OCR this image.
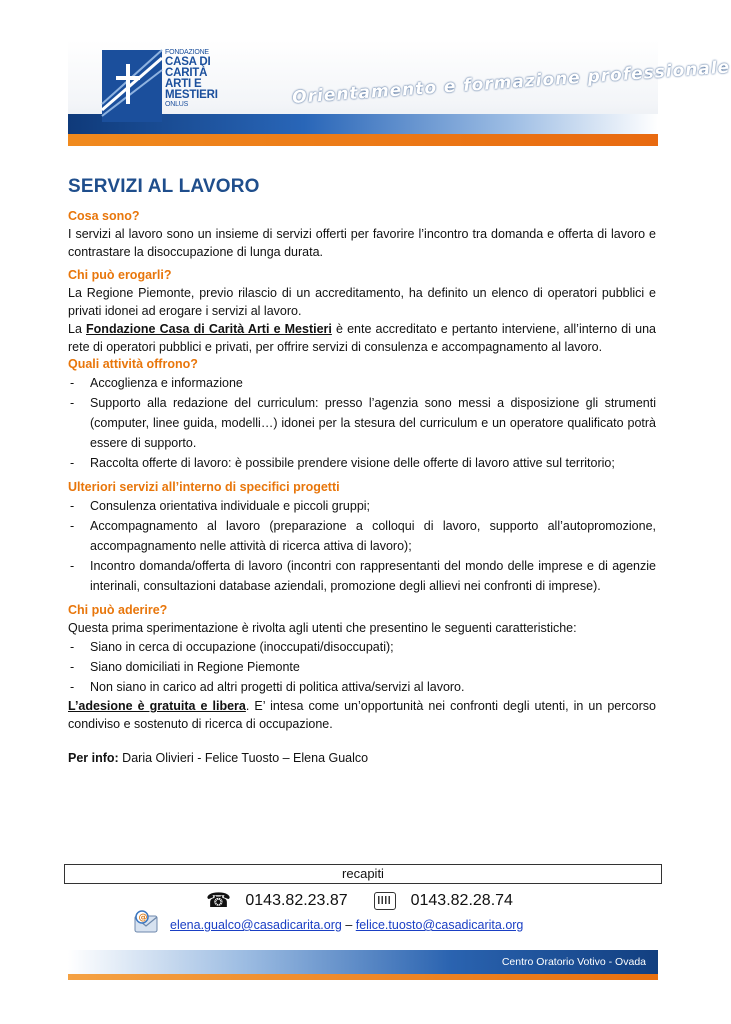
FONDAZIONE
CASA DI
CARITÀ
ARTI E
MESTIERI
ONLUS	Orientamento e formazione professionale
SERVIZI AL LAVORO
Cosa sono?

I servizi al lavoro sono un insieme di servizi offerti per favorire l’incontro tra domanda e offerta di lavoro e contrastare la disoccupazione di lunga durata.

Chi può erogarli?

La Regione Piemonte, previo rilascio di un accreditamento, ha definito un elenco di operatori pubblici e privati idonei ad erogare i servizi al lavoro.

La Fondazione Casa di Carità Arti e Mestieri è ente accreditato e pertanto interviene, all’interno di una rete di operatori pubblici e privati, per offrire servizi di consulenza e accompagnamento al lavoro.

Quali attività offrono?
- Accoglienza e informazione
- Supporto alla redazione del curriculum: presso l’agenzia sono messi a disposizione gli strumenti (computer, linee guida, modelli…) idonei per la stesura del curriculum e un operatore qualificato potrà essere di supporto.
- Raccolta offerte di lavoro: è possibile prendere visione delle offerte di lavoro attive sul territorio;
Ulteriori servizi all’interno di specifici progetti
- Consulenza orientativa individuale e piccoli gruppi;
- Accompagnamento al lavoro (preparazione a colloqui di lavoro, supporto all’autopromozione, accompagnamento nelle attività di ricerca attiva di lavoro);
- Incontro domanda/offerta di lavoro (incontri con rappresentanti del mondo delle imprese e di agenzie interinali, consultazioni database aziendali, promozione degli allievi nei confronti di imprese).
Chi può aderire?

Questa prima sperimentazione è rivolta agli utenti che presentino le seguenti caratteristiche:

- Siano in cerca di occupazione (inoccupati/disoccupati);
- Siano domiciliati in Regione Piemonte
- Non siano in carico ad altri progetti di politica attiva/servizi al lavoro.

L’adesione è gratuita e libera. E’ intesa come un’opportunità nei confronti degli utenti, in un percorso condiviso e sostenuto di ricerca di occupazione.

Per info: Daria Olivieri - Felice Tuosto – Elena Gualco

recapiti
☎ 0143.82.23.87	0143.82.28.74
@ elena.gualco@casadicarita.org – felice.tuosto@casadicarita.org
Centro Oratorio Votivo - Ovada
